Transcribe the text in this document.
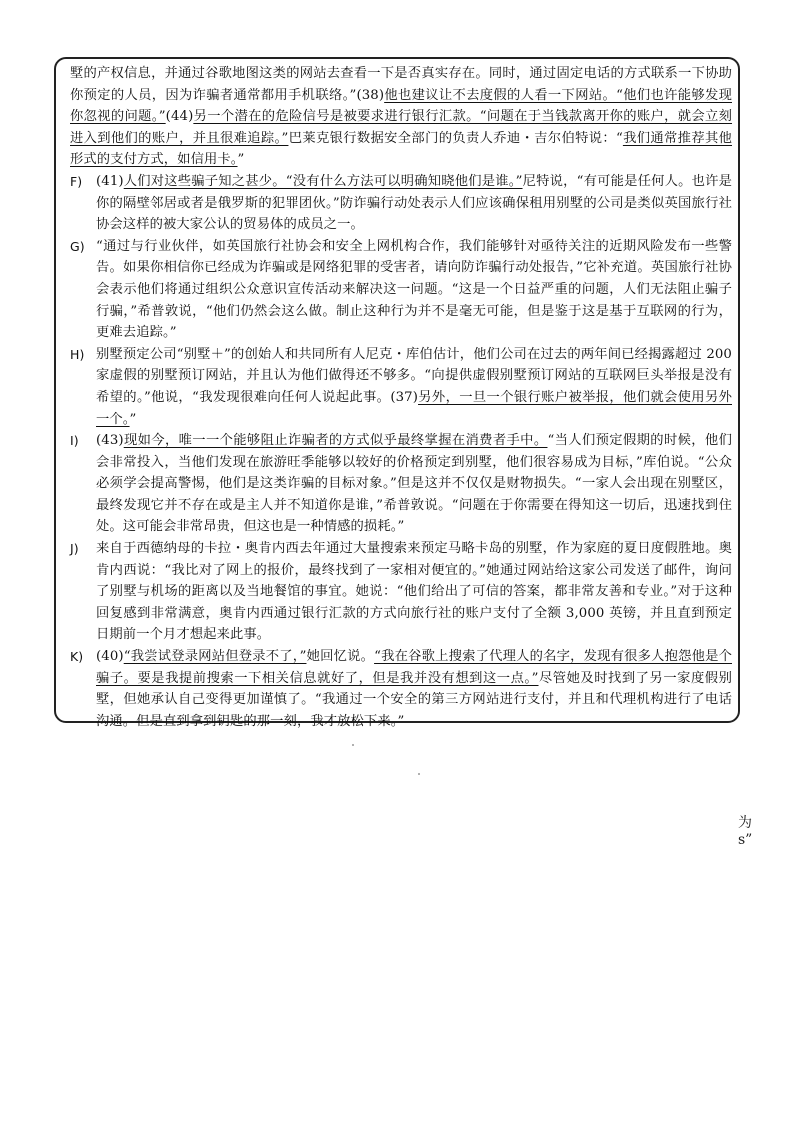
墅的产权信息，并通过谷歌地图这类的网站去查看一下是否真实存在。同时，通过固定电话的方式联系一下协助你预定的人员，因为诈骗者通常都用手机联络。”(38)他也建议让不去度假的人看一下网站。“他们也许能够发现你忽视的问题。”(44)另一个潜在的危险信号是被要求进行银行汇款。“问题在于当钱款离开你的账户，就会立刻进入到他们的账户，并且很难追踪。”巴莱克银行数据安全部门的负责人乔迪・吉尔伯特说：“我们通常推荐其他形式的支付方式，如信用卡。”

F) (41)人们对这些骗子知之甚少。“没有什么方法可以明确知晓他们是谁。”尼特说，“有可能是任何人。也许是你的隔壁邻居或者是俄罗斯的犯罪团伙。”防诈骗行动处表示人们应该确保租用别墅的公司是类似英国旅行社协会这样的被大家公认的贸易体的成员之一。

G) “通过与行业伙伴，如英国旅行社协会和安全上网机构合作，我们能够针对亟待关注的近期风险发布一些警告。如果你相信你已经成为诈骗或是网络犯罪的受害者，请向防诈骗行动处报告，”它补充道。英国旅行社协会表示他们将通过组织公众意识宣传活动来解决这一问题。“这是一个日益严重的问题，人们无法阻止骗子行骗，”希普敦说，“他们仍然会这么做。制止这种行为并不是毫无可能，但是鉴于这是基于互联网的行为，更难去追踪。”

H) 别墅预定公司“别墅＋”的创始人和共同所有人尼克・库伯估计，他们公司在过去的两年间已经揭露超过 200 家虚假的别墅预订网站，并且认为他们做得还不够多。“向提供虚假别墅预订网站的互联网巨头举报是没有希望的。”他说，“我发现很难向任何人说起此事。(37)另外，一旦一个银行账户被举报，他们就会使用另外一个。”

I) (43)现如今，唯一一个能够阻止诈骗者的方式似乎最终掌握在消费者手中。“当人们预定假期的时候，他们会非常投入，当他们发现在旅游旺季能够以较好的价格预定到别墅，他们很容易成为目标，”库伯说。“公众必须学会提高警惕，他们是这类诈骗的目标对象。”但是这并不仅仅是财物损失。“一家人会出现在别墅区，最终发现它并不存在或是主人并不知道你是谁，”希普敦说。“问题在于你需要在得知这一切后，迅速找到住处。这可能会非常昂贵，但这也是一种情感的损耗。”

J) 来自于西德纳母的卡拉・奥肯内西去年通过大量搜索来预定马略卡岛的别墅，作为家庭的夏日度假胜地。奥肯内西说：“我比对了网上的报价，最终找到了一家相对便宜的。”她通过网站给这家公司发送了邮件，询问了别墅与机场的距离以及当地餐馆的事宜。她说：“他们给出了可信的答案，都非常友善和专业。”对于这种回复感到非常满意，奥肯内西通过银行汇款的方式向旅行社的账户支付了全额 3,000 英镑，并且直到预定日期前一个月才想起来此事。

K) (40)“我尝试登录网站但登录不了，”她回忆说。“我在谷歌上搜索了代理人的名字，发现有很多人抱怨他是个骗子。要是我提前搜索一下相关信息就好了，但是我并没有想到这一点。”尽管她及时找到了另一家度假别墅，但她承认自己变得更加谨慎了。“我通过一个安全的第三方网站进行支付，并且和代理机构进行了电话沟通。但是直到拿到钥匙的那一刻，我才放松下来。”

为
s”
